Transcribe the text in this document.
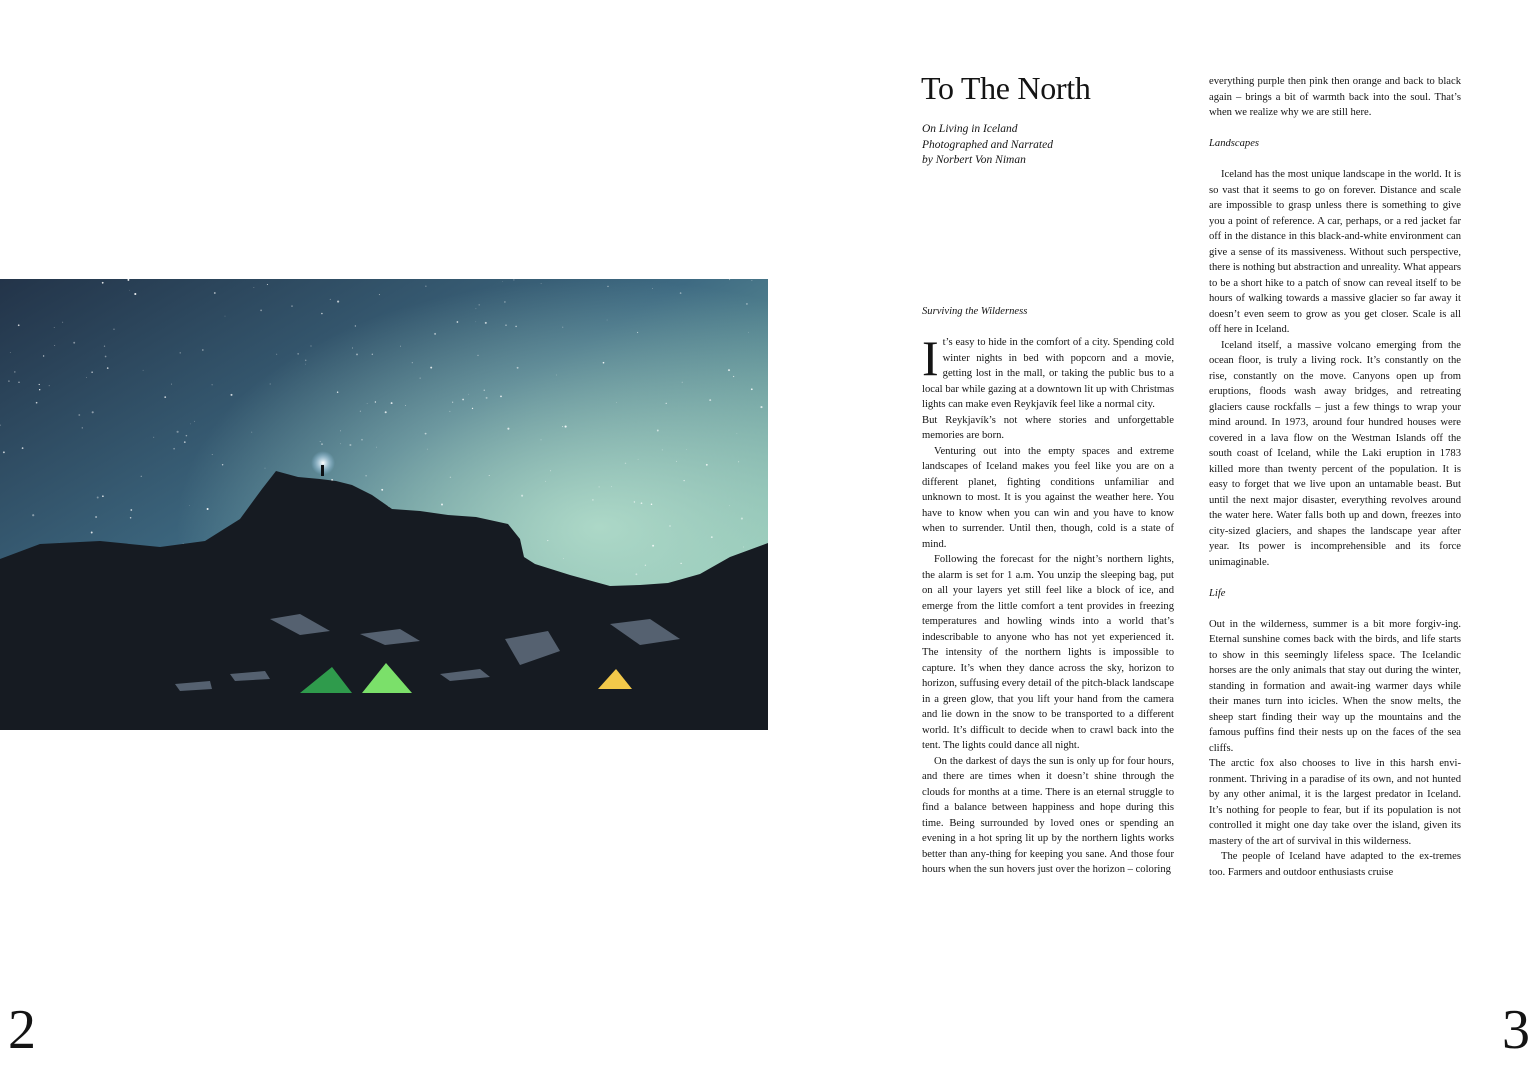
To The North
On Living in Iceland
Photographed and Narrated
by Norbert Von Niman

Surviving the Wilderness

It’s easy to hide in the comfort of a city. Spending cold winter nights in bed with popcorn and a movie, getting lost in the mall, or taking the public bus to a local bar while gazing at a downtown lit up with Christmas lights can make even Reykjavík feel like a normal city.

But Reykjavík’s not where stories and unforgettable memories are born.

Venturing out into the empty spaces and extreme landscapes of Iceland makes you feel like you are on a different planet, fighting conditions unfamiliar and unknown to most. It is you against the weather here. You have to know when you can win and you have to know when to surrender. Until then, though, cold is a state of mind.

Following the forecast for the night’s northern lights, the alarm is set for 1 a.m. You unzip the sleeping bag, put on all your layers yet still feel like a block of ice, and emerge from the little comfort a tent provides in freezing temperatures and howling winds into a world that’s indescribable to anyone who has not yet experienced it. The intensity of the northern lights is impossible to capture. It’s when they dance across the sky, horizon to horizon, suffusing every detail of the pitch-black landscape in a green glow, that you lift your hand from the camera and lie down in the snow to be transported to a different world. It’s difficult to decide when to crawl back into the tent. The lights could dance all night.

On the darkest of days the sun is only up for four hours, and there are times when it doesn’t shine through the clouds for months at a time. There is an eternal struggle to find a balance between happiness and hope during this time. Being surrounded by loved ones or spending an evening in a hot spring lit up by the northern lights works better than any-thing for keeping you sane. And those four hours when the sun hovers just over the horizon – coloring

everything purple then pink then orange and back to black again – brings a bit of warmth back into the soul. That’s when we realize why we are still here.

Landscapes

Iceland has the most unique landscape in the world. It is so vast that it seems to go on forever. Distance and scale are impossible to grasp unless there is something to give you a point of reference. A car, perhaps, or a red jacket far off in the distance in this black-and-white environment can give a sense of its massiveness. Without such perspective, there is nothing but abstraction and unreality. What appears to be a short hike to a patch of snow can reveal itself to be hours of walking towards a massive glacier so far away it doesn’t even seem to grow as you get closer. Scale is all off here in Iceland.

Iceland itself, a massive volcano emerging from the ocean floor, is truly a living rock. It’s constantly on the rise, constantly on the move. Canyons open up from eruptions, floods wash away bridges, and retreating glaciers cause rockfalls – just a few things to wrap your mind around. In 1973, around four hundred houses were covered in a lava flow on the Westman Islands off the south coast of Iceland, while the Laki eruption in 1783 killed more than twenty percent of the population. It is easy to forget that we live upon an untamable beast. But until the next major disaster, everything revolves around the water here. Water falls both up and down, freezes into city-sized glaciers, and shapes the landscape year after year. Its power is incomprehensible and its force unimaginable.

Life

Out in the wilderness, summer is a bit more forgiv-ing. Eternal sunshine comes back with the birds, and life starts to show in this seemingly lifeless space. The Icelandic horses are the only animals that stay out during the winter, standing in formation and await-ing warmer days while their manes turn into icicles. When the snow melts, the sheep start finding their way up the mountains and the famous puffins find their nests up on the faces of the sea cliffs.

The arctic fox also chooses to live in this harsh envi-ronment. Thriving in a paradise of its own, and not hunted by any other animal, it is the largest predator in Iceland. It’s nothing for people to fear, but if its population is not controlled it might one day take over the island, given its mastery of the art of survival in this wilderness.

The people of Iceland have adapted to the ex-tremes too. Farmers and outdoor enthusiasts cruise

2	3
